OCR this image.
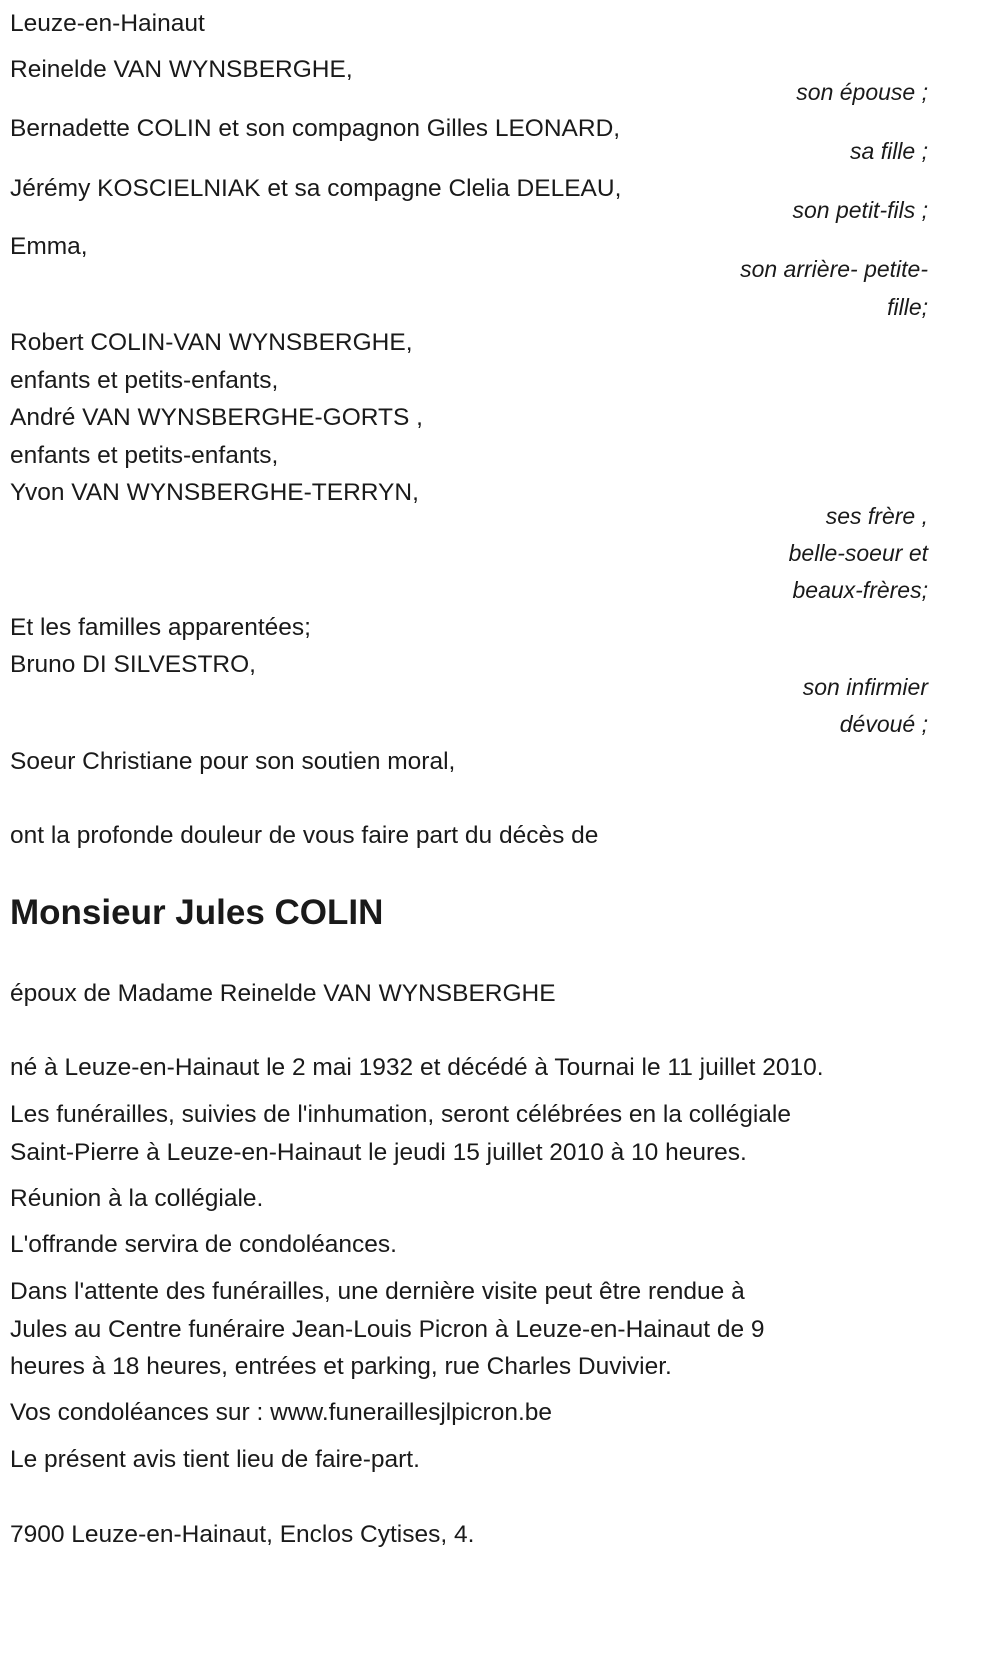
Leuze-en-Hainaut
Reinelde VAN WYNSBERGHE,
son épouse ;
Bernadette COLIN et son compagnon Gilles LEONARD,
sa fille ;
Jérémy KOSCIELNIAK et sa compagne Clelia DELEAU,
son petit-fils ;
Emma,
son arrière- petite-
fille;
Robert COLIN-VAN WYNSBERGHE,
enfants et petits-enfants,
André VAN WYNSBERGHE-GORTS ,
enfants et petits-enfants,
Yvon VAN WYNSBERGHE-TERRYN,
ses frère ,
belle-soeur et
beaux-frères;
Et les familles apparentées;
Bruno DI SILVESTRO,
son infirmier
dévoué ;
Soeur Christiane pour son soutien moral,
ont la profonde douleur de vous faire part du décès de
Monsieur Jules COLIN
époux de Madame Reinelde VAN WYNSBERGHE
né à Leuze-en-Hainaut le 2 mai 1932 et décédé à Tournai le 11 juillet 2010.
Les funérailles, suivies de l'inhumation, seront célébrées en la collégiale
Saint-Pierre à Leuze-en-Hainaut le jeudi 15 juillet 2010 à 10 heures.
Réunion à la collégiale.
L'offrande servira de condoléances.
Dans l'attente des funérailles, une dernière visite peut être rendue à
Jules au Centre funéraire Jean-Louis Picron à Leuze-en-Hainaut de 9
heures à 18 heures, entrées et parking, rue Charles Duvivier.
Vos condoléances sur : www.funeraillesjlpicron.be
Le présent avis tient lieu de faire-part.
7900 Leuze-en-Hainaut, Enclos Cytises, 4.
